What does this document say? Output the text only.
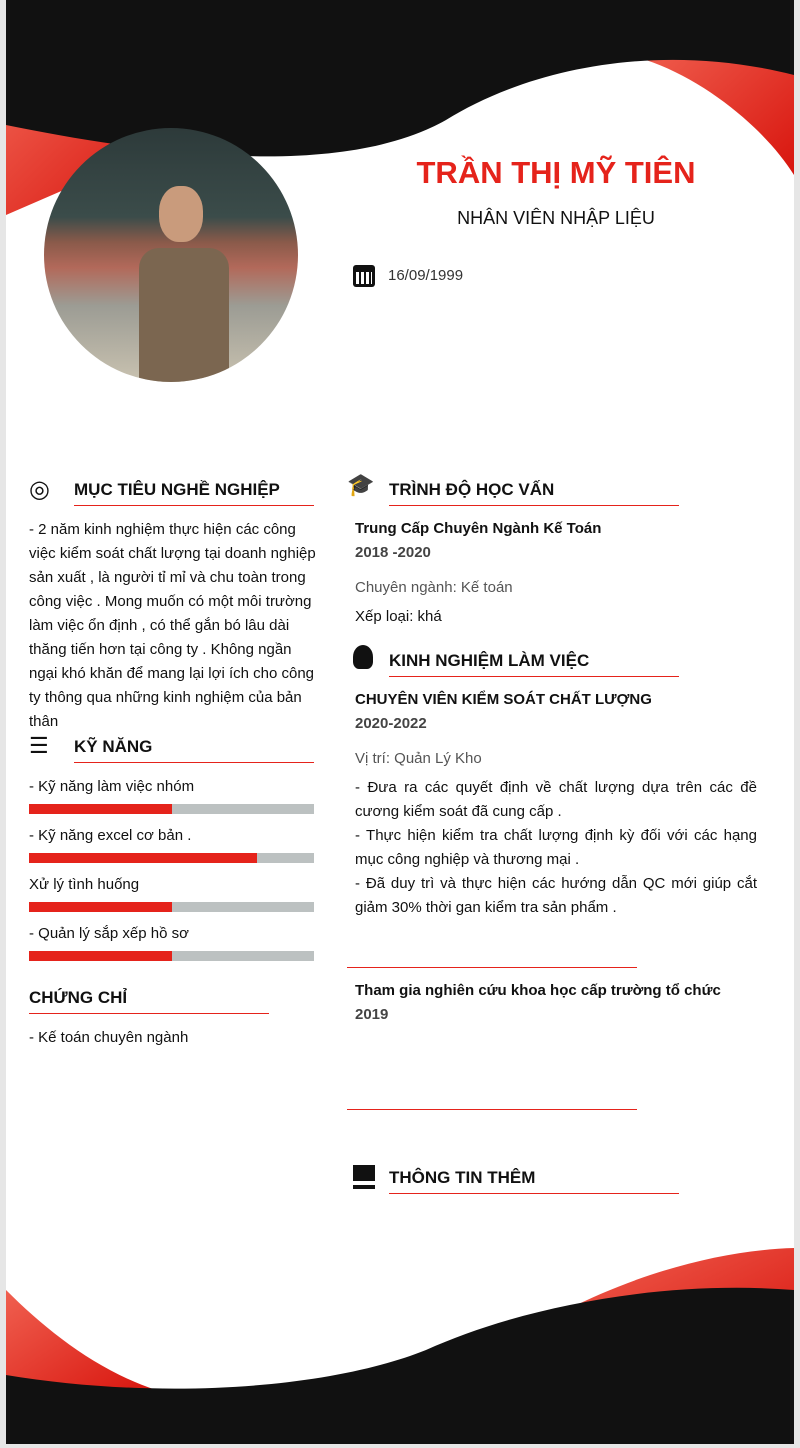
TRẦN THỊ MỸ TIÊN
NHÂN VIÊN NHẬP LIỆU
16/09/1999
◎ MỤC TIÊU NGHỀ NGHIỆP
- 2 năm kinh nghiệm thực hiện các công việc kiểm soát chất lượng tại doanh nghiệp sản xuất , là người tỉ mỉ và chu toàn trong công việc . Mong muốn có một môi trường làm việc ổn định , có thể gắn bó lâu dài thăng tiến hơn tại công ty . Không ngần ngại khó khăn để mang lại lợi ích cho công ty thông qua những kinh nghiệm của bản thân
☰ KỸ NĂNG
- Kỹ năng làm việc nhóm
- Kỹ năng excel cơ bản .
Xử lý tình huống
- Quản lý sắp xếp hồ sơ
CHỨNG CHỈ
- Kế toán chuyên ngành
🎓 TRÌNH ĐỘ HỌC VẤN
Trung Cấp Chuyên Ngành Kế Toán
2018 -2020
Chuyên ngành: Kế toán
Xếp loại: khá
KINH NGHIỆM LÀM VIỆC
CHUYÊN VIÊN KIỂM SOÁT CHẤT LƯỢNG
2020-2022
Vị trí: Quản Lý Kho
- Đưa ra các quyết định về chất lượng dựa trên các đề cương kiểm soát đã cung cấp .
- Thực hiện kiểm tra chất lượng định kỳ đối với các hạng mục công nghiệp và thương mại .
- Đã duy trì và thực hiện các hướng dẫn QC mới giúp cắt giảm 30% thời gan kiểm tra sản phẩm .
Tham gia nghiên cứu khoa học cấp trường tổ chức
2019
THÔNG TIN THÊM
